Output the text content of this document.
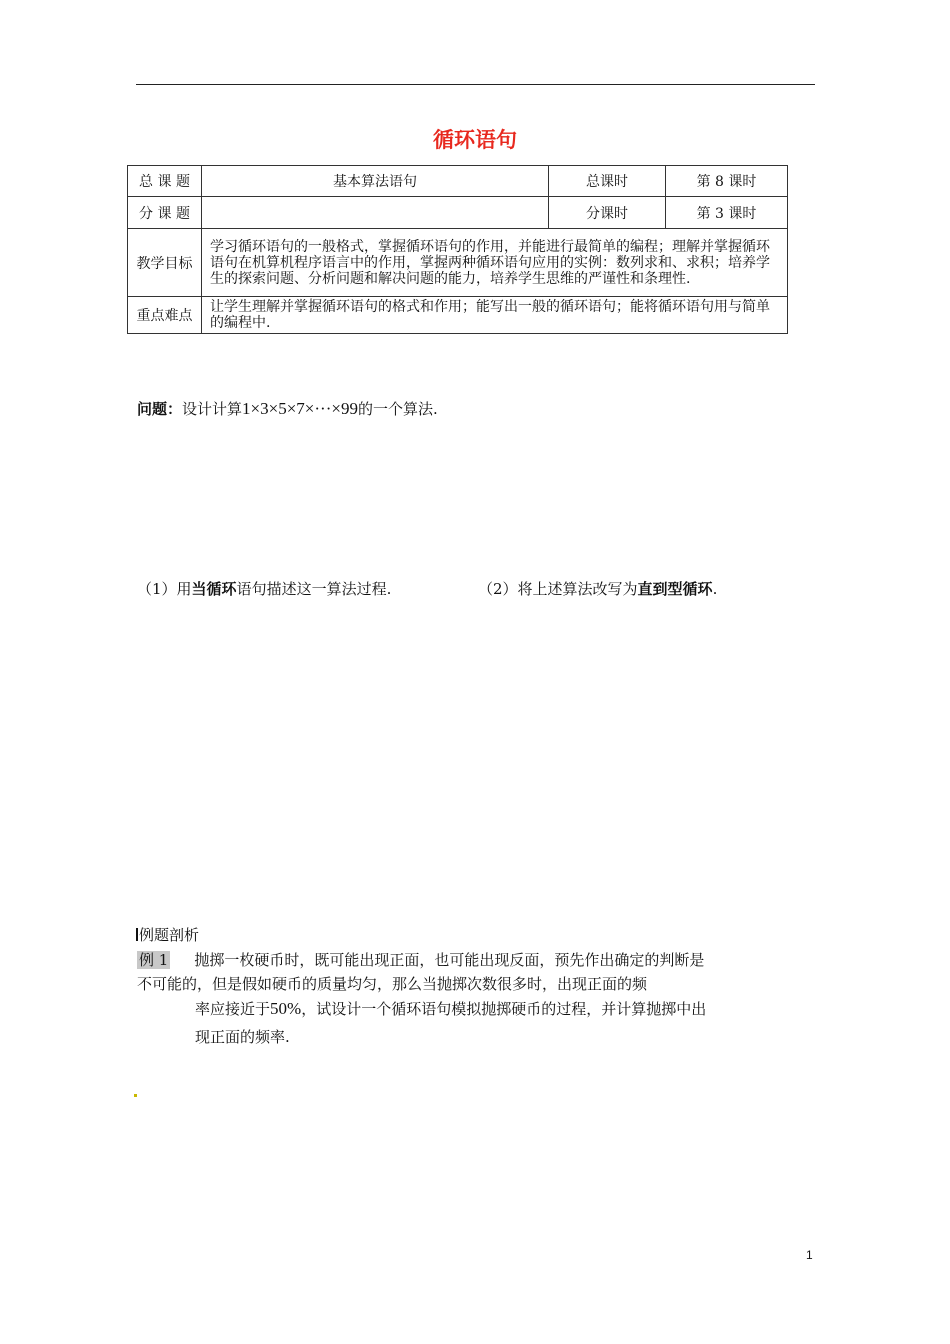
循环语句
总 课 题	基本算法语句	总课时	第 8 课时
分 课 题		分课时	第 3 课时
教学目标	学习循环语句的一般格式，掌握循环语句的作用，并能进行最简单的编程；理解并掌握循环语句在机算机程序语言中的作用，掌握两种循环语句应用的实例：数列求和、求积；培养学生的探索问题、分析问题和解决问题的能力，培养学生思维的严谨性和条理性.		
重点难点	让学生理解并掌握循环语句的格式和作用；能写出一般的循环语句；能将循环语句用与简单的编程中.		
问题：设计计算1×3×5×7×···×99的一个算法.
（1）用当循环语句描述这一算法过程.	（2）将上述算法改写为直到型循环.
例题剖析
例 1 抛掷一枚硬币时，既可能出现正面，也可能出现反面，预先作出确定的判断是
不可能的，但是假如硬币的质量均匀，那么当抛掷次数很多时，出现正面的频
率应接近于50%，试设计一个循环语句模拟抛掷硬币的过程，并计算抛掷中出
现正面的频率.
1
